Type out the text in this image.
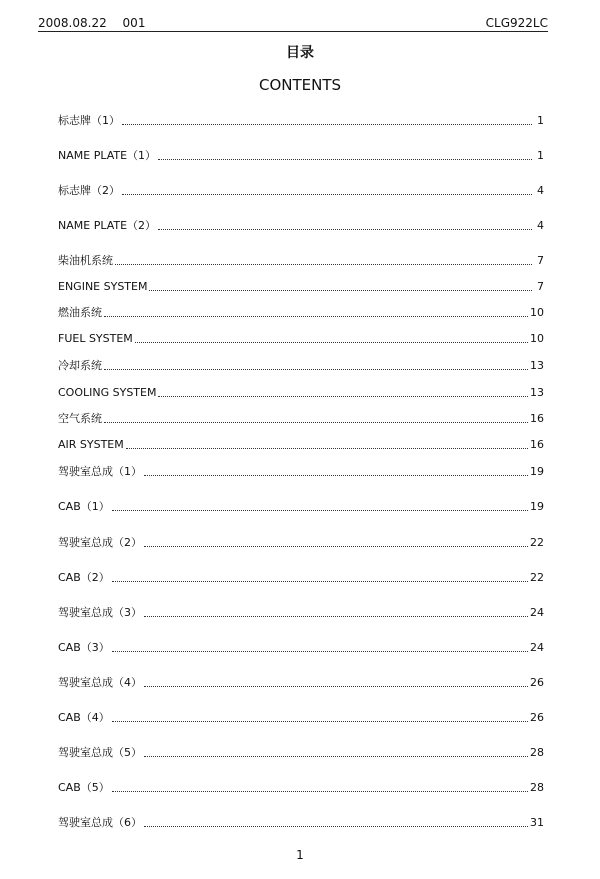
2008.08.22 001	CLG922LC
目录
CONTENTS
标志牌（1）	1
NAME PLATE（1）	1
标志牌（2）	4
NAME PLATE（2）	4
柴油机系统	7
ENGINE SYSTEM	7
燃油系统	10
FUEL SYSTEM	10
冷却系统	13
COOLING SYSTEM	13
空气系统	16
AIR SYSTEM	16
驾驶室总成（1）	19
CAB（1）	19
驾驶室总成（2）	22
CAB（2）	22
驾驶室总成（3）	24
CAB（3）	24
驾驶室总成（4）	26
CAB（4）	26
驾驶室总成（5）	28
CAB（5）	28
驾驶室总成（6）	31
1
